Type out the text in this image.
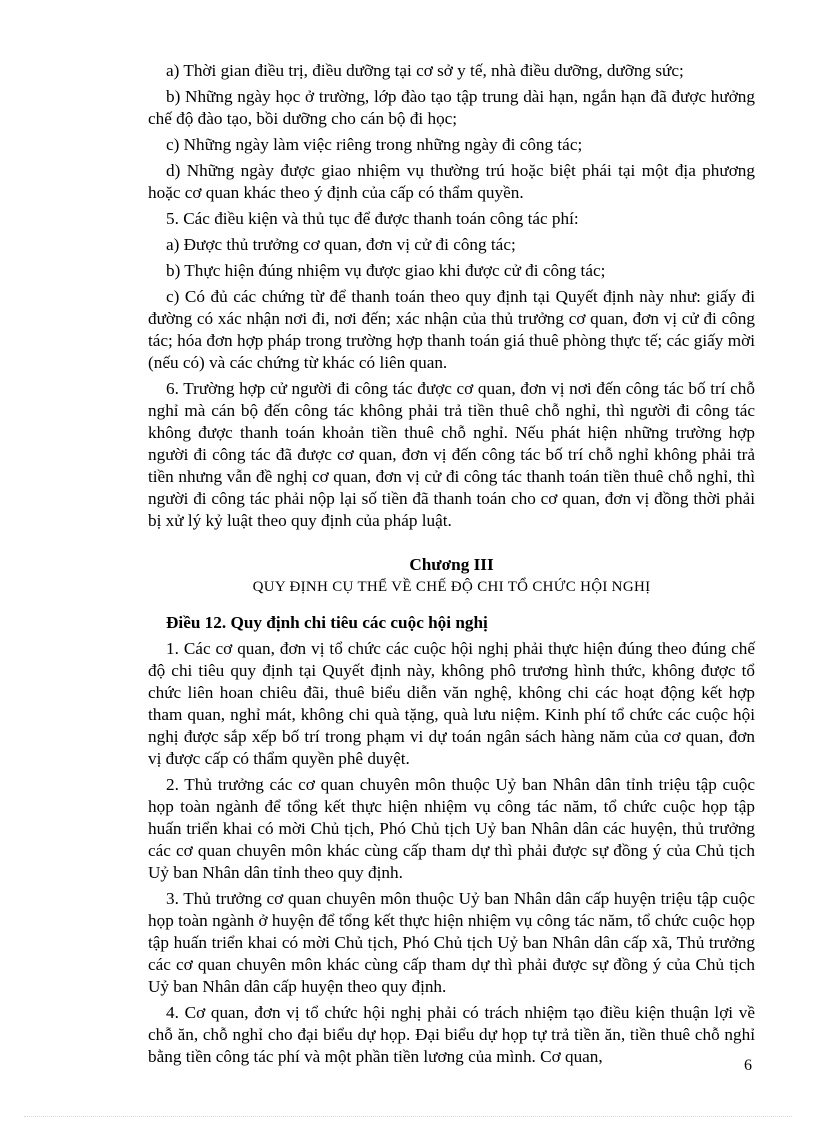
a) Thời gian điều trị, điều dưỡng tại cơ sở y tế, nhà điều dưỡng, dưỡng sức;

b) Những ngày học ở trường, lớp đào tạo tập trung dài hạn, ngắn hạn đã được hưởng chế độ đào tạo, bồi dưỡng cho cán bộ đi học;

c) Những ngày làm việc riêng trong những ngày đi công tác;

d) Những ngày được giao nhiệm vụ thường trú hoặc biệt phái tại một địa phương hoặc cơ quan khác theo ý định của cấp có thẩm quyền.

5. Các điều kiện và thủ tục để được thanh toán công tác phí:

a) Được thủ trưởng cơ quan, đơn vị cử đi công tác;

b) Thực hiện đúng nhiệm vụ được giao khi được cử đi công tác;

c) Có đủ các chứng từ để thanh toán theo quy định tại Quyết định này như: giấy đi đường có xác nhận nơi đi, nơi đến; xác nhận của thủ trưởng cơ quan, đơn vị cử đi công tác; hóa đơn hợp pháp trong trường hợp thanh toán giá thuê phòng thực tế; các giấy mời (nếu có) và các chứng từ khác có liên quan.

6. Trường hợp cử người đi công tác được cơ quan, đơn vị nơi đến công tác bố trí chỗ nghỉ mà cán bộ đến công tác không phải trả tiền thuê chỗ nghỉ, thì người đi công tác không được thanh toán khoản tiền thuê chỗ nghỉ. Nếu phát hiện những trường hợp người đi công tác đã được cơ quan, đơn vị đến công tác bố trí chỗ nghỉ không phải trả tiền nhưng vẫn đề nghị cơ quan, đơn vị cử đi công tác thanh toán tiền thuê chỗ nghỉ, thì người đi công tác phải nộp lại số tiền đã thanh toán cho cơ quan, đơn vị đồng thời phải bị xử lý kỷ luật theo quy định của pháp luật.

Chương III

QUY ĐỊNH CỤ THỂ VỀ CHẾ ĐỘ CHI TỔ CHỨC HỘI NGHỊ

Điều 12. Quy định chi tiêu các cuộc hội nghị

1. Các cơ quan, đơn vị tổ chức các cuộc hội nghị phải thực hiện đúng theo đúng chế độ chi tiêu quy định tại Quyết định này, không phô trương hình thức, không được tổ chức liên hoan chiêu đãi, thuê biểu diễn văn nghệ, không chi các hoạt động kết hợp tham quan, nghỉ mát, không chi quà tặng, quà lưu niệm. Kinh phí tổ chức các cuộc hội nghị được sắp xếp bố trí trong phạm vi dự toán ngân sách hàng năm của cơ quan, đơn vị được cấp có thẩm quyền phê duyệt.

2. Thủ trưởng các cơ quan chuyên môn thuộc Uỷ ban Nhân dân tỉnh triệu tập cuộc họp toàn ngành để tổng kết thực hiện nhiệm vụ công tác năm, tổ chức cuộc họp tập huấn triển khai có mời Chủ tịch, Phó Chủ tịch Uỷ ban Nhân dân các huyện, thủ trưởng các cơ quan chuyên môn khác cùng cấp tham dự thì phải được sự đồng ý của Chủ tịch Uỷ ban Nhân dân tỉnh theo quy định.

3. Thủ trưởng cơ quan chuyên môn thuộc Uỷ ban Nhân dân cấp huyện triệu tập cuộc họp toàn ngành ở huyện để tổng kết thực hiện nhiệm vụ công tác năm, tổ chức cuộc họp tập huấn triển khai có mời Chủ tịch, Phó Chủ tịch Uỷ ban Nhân dân cấp xã, Thủ trưởng các cơ quan chuyên môn khác cùng cấp tham dự thì phải được sự đồng ý của Chủ tịch Uỷ ban Nhân dân cấp huyện theo quy định.

4. Cơ quan, đơn vị tổ chức hội nghị phải có trách nhiệm tạo điều kiện thuận lợi về chỗ ăn, chỗ nghỉ cho đại biểu dự họp. Đại biểu dự họp tự trả tiền ăn, tiền thuê chỗ nghỉ bằng tiền công tác phí và một phần tiền lương của mình. Cơ quan,	6
